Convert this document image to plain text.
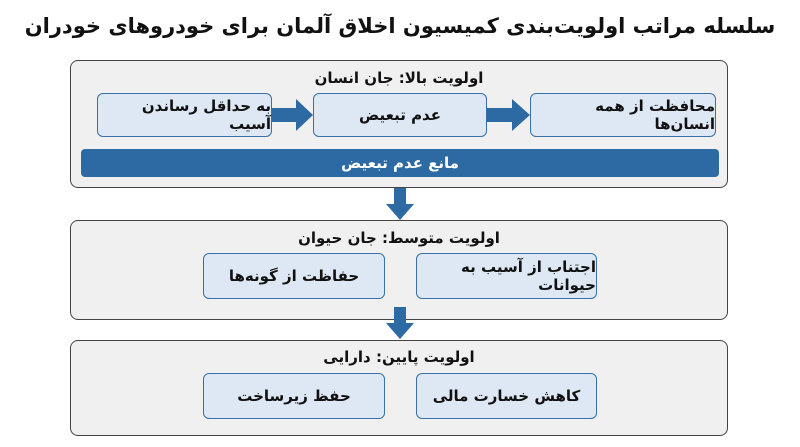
سلسله مراتب اولویت‌بندی کمیسیون اخلاق آلمان برای خودروهای خودران
اولویت بالا: جان انسان
محافظت از همه انسان‌ها
عدم تبعیض
به حداقل رساندن آسیب
مانع عدم تبعیض
اولویت متوسط: جان حیوان
اجتناب از آسیب به حیوانات
حفاظت از گونه‌ها
اولویت پایین: دارایی
کاهش خسارت مالی
حفظ زیرساخت
